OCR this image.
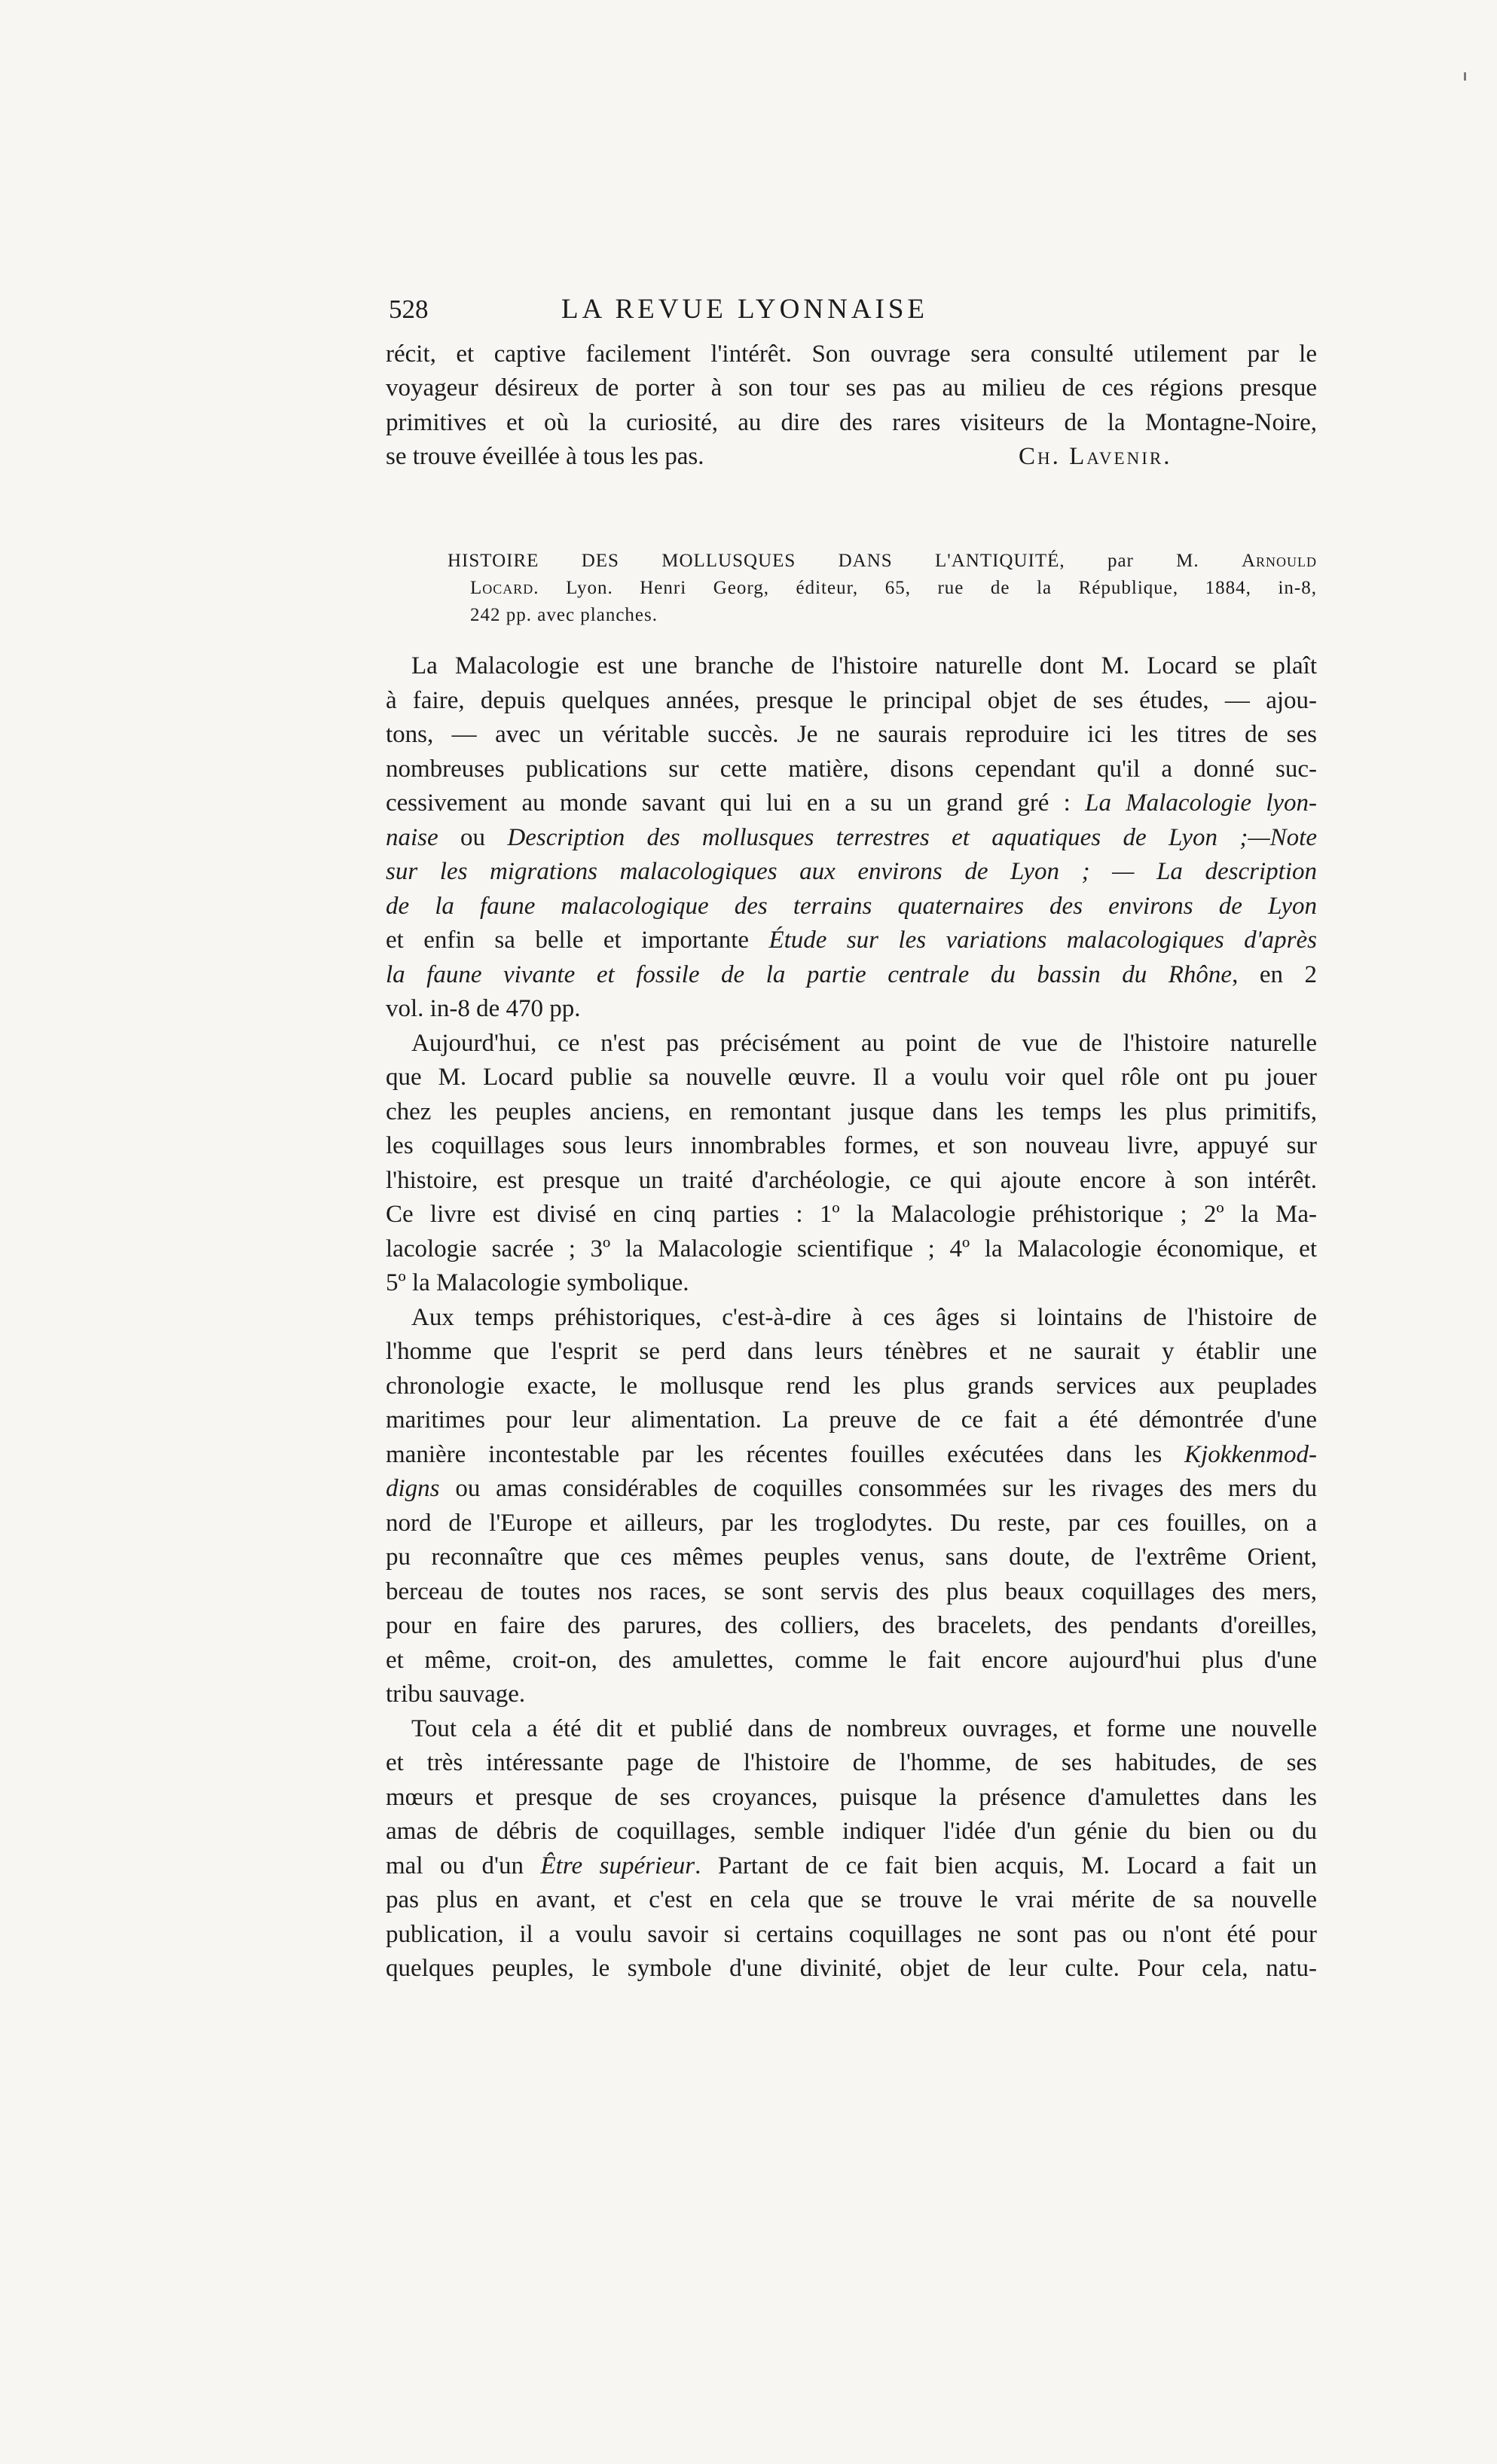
528	LA REVUE LYONNAISE
récit, et captive facilement l'intérêt. Son ouvrage sera consulté utilement par le
voyageur désireux de porter à son tour ses pas au milieu de ces régions presque
primitives et où la curiosité, au dire des rares visiteurs de la Montagne-Noire,
se trouve éveillée à tous les pas.	Ch. Lavenir.
HISTOIRE DES MOLLUSQUES DANS L'ANTIQUITÉ, par M. Arnould
Locard. Lyon. Henri Georg, éditeur, 65, rue de la République, 1884, in-8,
242 pp. avec planches.
La Malacologie est une branche de l'histoire naturelle dont M. Locard se plaît
à faire, depuis quelques années, presque le principal objet de ses études, — ajou-
tons, — avec un véritable succès. Je ne saurais reproduire ici les titres de ses
nombreuses publications sur cette matière, disons cependant qu'il a donné suc-
cessivement au monde savant qui lui en a su un grand gré : La Malacologie lyon-
naise ou Description des mollusques terrestres et aquatiques de Lyon ;—Note
sur les migrations malacologiques aux environs de Lyon ; — La description
de la faune malacologique des terrains quaternaires des environs de Lyon
et enfin sa belle et importante Étude sur les variations malacologiques d'après
la faune vivante et fossile de la partie centrale du bassin du Rhône, en 2
vol. in-8 de 470 pp.
Aujourd'hui, ce n'est pas précisément au point de vue de l'histoire naturelle
que M. Locard publie sa nouvelle œuvre. Il a voulu voir quel rôle ont pu jouer
chez les peuples anciens, en remontant jusque dans les temps les plus primitifs,
les coquillages sous leurs innombrables formes, et son nouveau livre, appuyé sur
l'histoire, est presque un traité d'archéologie, ce qui ajoute encore à son intérêt.
Ce livre est divisé en cinq parties : 1º la Malacologie préhistorique ; 2º la Ma-
lacologie sacrée ; 3º la Malacologie scientifique ; 4º la Malacologie économique, et
5º la Malacologie symbolique.
Aux temps préhistoriques, c'est-à-dire à ces âges si lointains de l'histoire de
l'homme que l'esprit se perd dans leurs ténèbres et ne saurait y établir une
chronologie exacte, le mollusque rend les plus grands services aux peuplades
maritimes pour leur alimentation. La preuve de ce fait a été démontrée d'une
manière incontestable par les récentes fouilles exécutées dans les Kjokkenmod-
digns ou amas considérables de coquilles consommées sur les rivages des mers du
nord de l'Europe et ailleurs, par les troglodytes. Du reste, par ces fouilles, on a
pu reconnaître que ces mêmes peuples venus, sans doute, de l'extrême Orient,
berceau de toutes nos races, se sont servis des plus beaux coquillages des mers,
pour en faire des parures, des colliers, des bracelets, des pendants d'oreilles,
et même, croit-on, des amulettes, comme le fait encore aujourd'hui plus d'une
tribu sauvage.
Tout cela a été dit et publié dans de nombreux ouvrages, et forme une nouvelle
et très intéressante page de l'histoire de l'homme, de ses habitudes, de ses
mœurs et presque de ses croyances, puisque la présence d'amulettes dans les
amas de débris de coquillages, semble indiquer l'idée d'un génie du bien ou du
mal ou d'un Être supérieur. Partant de ce fait bien acquis, M. Locard a fait un
pas plus en avant, et c'est en cela que se trouve le vrai mérite de sa nouvelle
publication, il a voulu savoir si certains coquillages ne sont pas ou n'ont été pour
quelques peuples, le symbole d'une divinité, objet de leur culte. Pour cela, natu-
